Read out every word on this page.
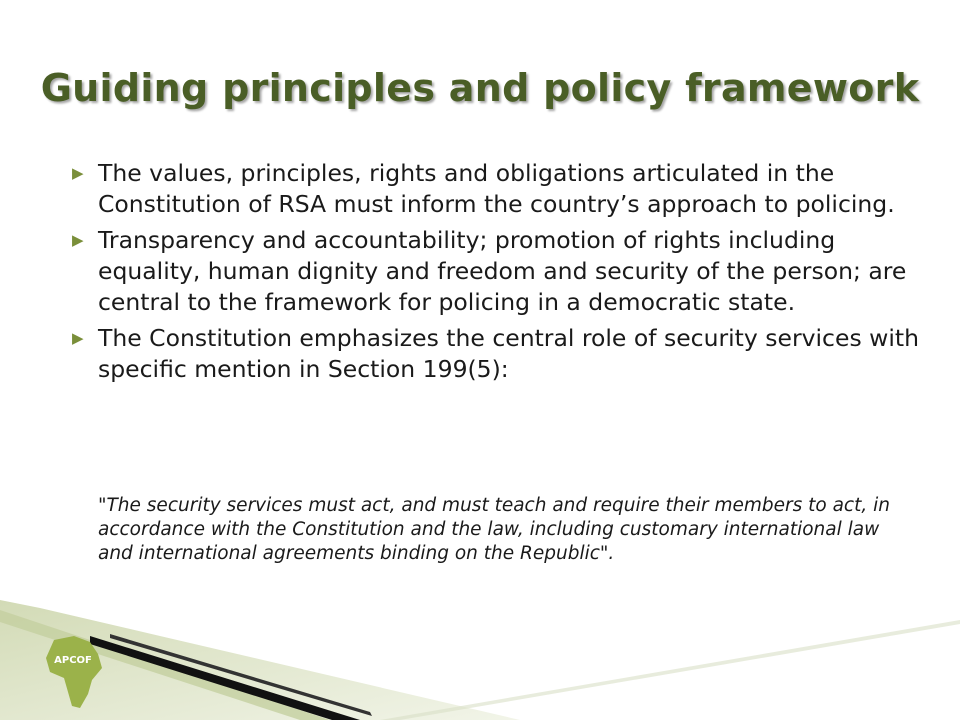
Guiding principles and policy framework
▶ The values, principles, rights and obligations articulated in the Constitution of RSA must inform the country’s approach to policing.
▶ Transparency and accountability; promotion of rights including equality, human dignity and freedom and security of the person; are central to the framework for policing in a democratic state.
▶ The Constitution emphasizes the central role of security services with specific mention in Section 199(5):

"The security services must act, and must teach and require their members to act, in accordance with the Constitution and the law, including customary international law and international agreements binding on the Republic".

APCOF
